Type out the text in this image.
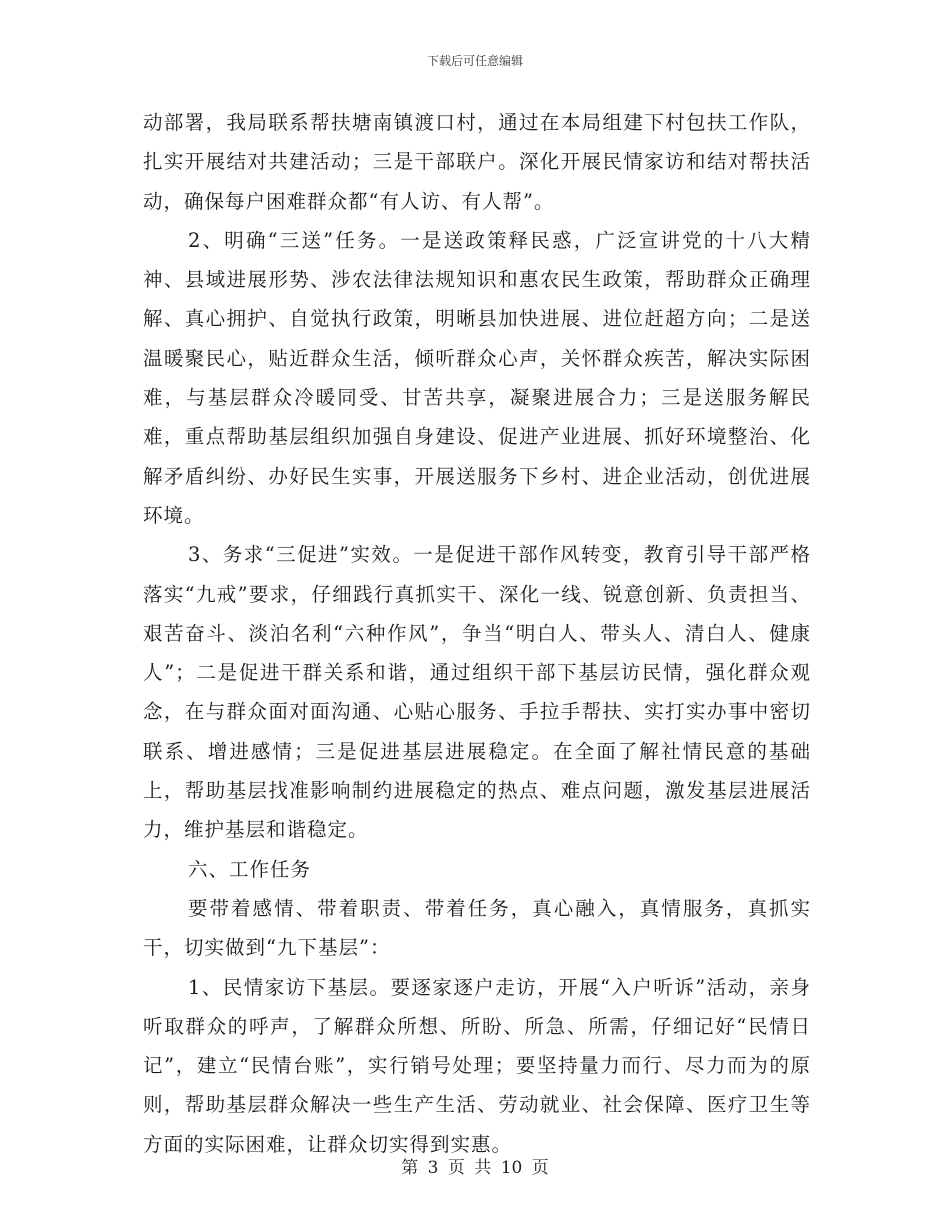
下载后可任意编辑

动部署，我局联系帮扶塘南镇渡口村，通过在本局组建下村包扶工作队，扎实开展结对共建活动；三是干部联户。深化开展民情家访和结对帮扶活动，确保每户困难群众都“有人访、有人帮”。

2、明确“三送”任务。一是送政策释民惑，广泛宣讲党的十八大精神、县域进展形势、涉农法律法规知识和惠农民生政策，帮助群众正确理解、真心拥护、自觉执行政策，明晰县加快进展、进位赶超方向；二是送温暖聚民心，贴近群众生活，倾听群众心声，关怀群众疾苦，解决实际困难，与基层群众冷暖同受、甘苦共享，凝聚进展合力；三是送服务解民难，重点帮助基层组织加强自身建设、促进产业进展、抓好环境整治、化解矛盾纠纷、办好民生实事，开展送服务下乡村、进企业活动，创优进展环境。

3、务求“三促进”实效。一是促进干部作风转变，教育引导干部严格落实“九戒”要求，仔细践行真抓实干、深化一线、锐意创新、负责担当、艰苦奋斗、淡泊名利“六种作风”，争当“明白人、带头人、清白人、健康人”；二是促进干群关系和谐，通过组织干部下基层访民情，强化群众观念，在与群众面对面沟通、心贴心服务、手拉手帮扶、实打实办事中密切联系、增进感情；三是促进基层进展稳定。在全面了解社情民意的基础上，帮助基层找准影响制约进展稳定的热点、难点问题，激发基层进展活力，维护基层和谐稳定。

六、工作任务

要带着感情、带着职责、带着任务，真心融入，真情服务，真抓实干，切实做到“九下基层”：

1、民情家访下基层。要逐家逐户走访，开展“入户听诉”活动，亲身听取群众的呼声，了解群众所想、所盼、所急、所需，仔细记好“民情日记”，建立“民情台账”，实行销号处理；要坚持量力而行、尽力而为的原则，帮助基层群众解决一些生产生活、劳动就业、社会保障、医疗卫生等方面的实际困难，让群众切实得到实惠。

第 3 页 共 10 页
